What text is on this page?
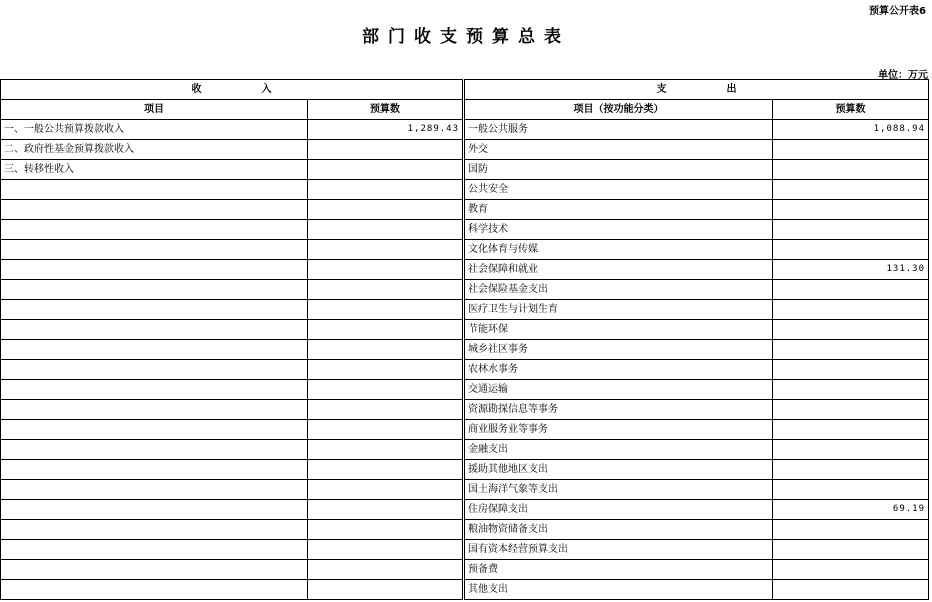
预算公开表6
部门收支预算总表
单位：万元
收 入		支 出	
项目	预算数	项目（按功能分类）	预算数
一、一般公共预算拨款收入	1,289.43	一般公共服务	1,088.94
二、政府性基金预算拨款收入		外交	
三、转移性收入		国防	
		公共安全	
		教育	
		科学技术	
		文化体育与传媒	
		社会保障和就业	131.30
		社会保险基金支出	
		医疗卫生与计划生育	
		节能环保	
		城乡社区事务	
		农林水事务	
		交通运输	
		资源勘探信息等事务	
		商业服务业等事务	
		金融支出	
		援助其他地区支出	
		国土海洋气象等支出	
		住房保障支出	69.19
		粮油物资储备支出	
		国有资本经营预算支出	
		预备费	
		其他支出	
